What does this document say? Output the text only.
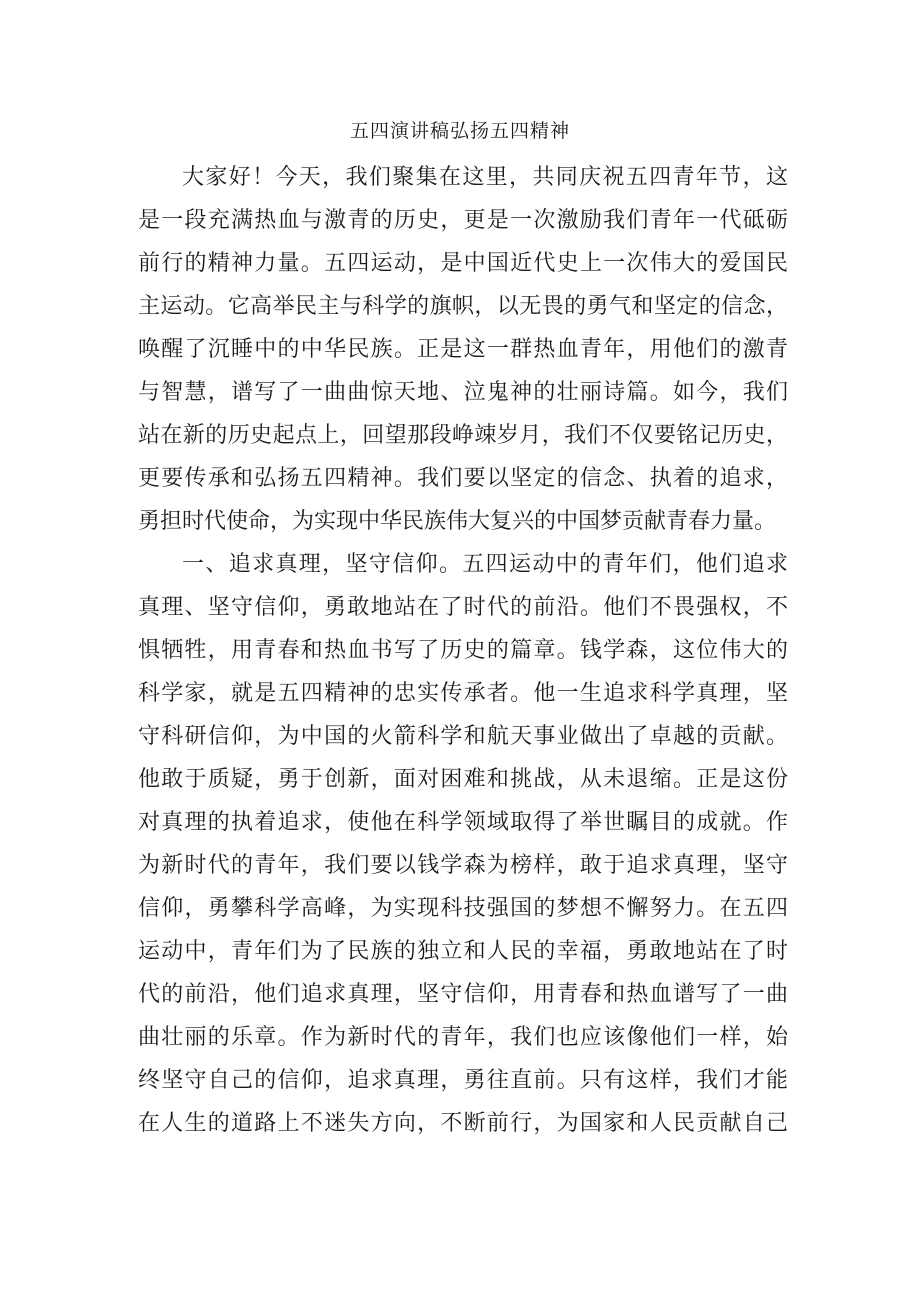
五四演讲稿弘扬五四精神
大家好！今天，我们聚集在这里，共同庆祝五四青年节，这
是一段充满热血与激青的历史，更是一次激励我们青年一代砥砺
前行的精神力量。五四运动，是中国近代史上一次伟大的爱国民
主运动。它高举民主与科学的旗帜，以无畏的勇气和坚定的信念，
唤醒了沉睡中的中华民族。正是这一群热血青年，用他们的激青
与智慧，谱写了一曲曲惊天地、泣鬼神的壮丽诗篇。如今，我们
站在新的历史起点上，回望那段峥竦岁月，我们不仅要铭记历史，
更要传承和弘扬五四精神。我们要以坚定的信念、执着的追求，
勇担时代使命，为实现中华民族伟大复兴的中国梦贡献青春力量。
一、追求真理，坚守信仰。五四运动中的青年们，他们追求
真理、坚守信仰，勇敢地站在了时代的前沿。他们不畏强权，不
惧牺牲，用青春和热血书写了历史的篇章。钱学森，这位伟大的
科学家，就是五四精神的忠实传承者。他一生追求科学真理，坚
守科研信仰，为中国的火箭科学和航天事业做出了卓越的贡献。
他敢于质疑，勇于创新，面对困难和挑战，从未退缩。正是这份
对真理的执着追求，使他在科学领域取得了举世瞩目的成就。作
为新时代的青年，我们要以钱学森为榜样，敢于追求真理，坚守
信仰，勇攀科学高峰，为实现科技强国的梦想不懈努力。在五四
运动中，青年们为了民族的独立和人民的幸福，勇敢地站在了时
代的前沿，他们追求真理，坚守信仰，用青春和热血谱写了一曲
曲壮丽的乐章。作为新时代的青年，我们也应该像他们一样，始
终坚守自己的信仰，追求真理，勇往直前。只有这样，我们才能
在人生的道路上不迷失方向，不断前行，为国家和人民贡献自己
